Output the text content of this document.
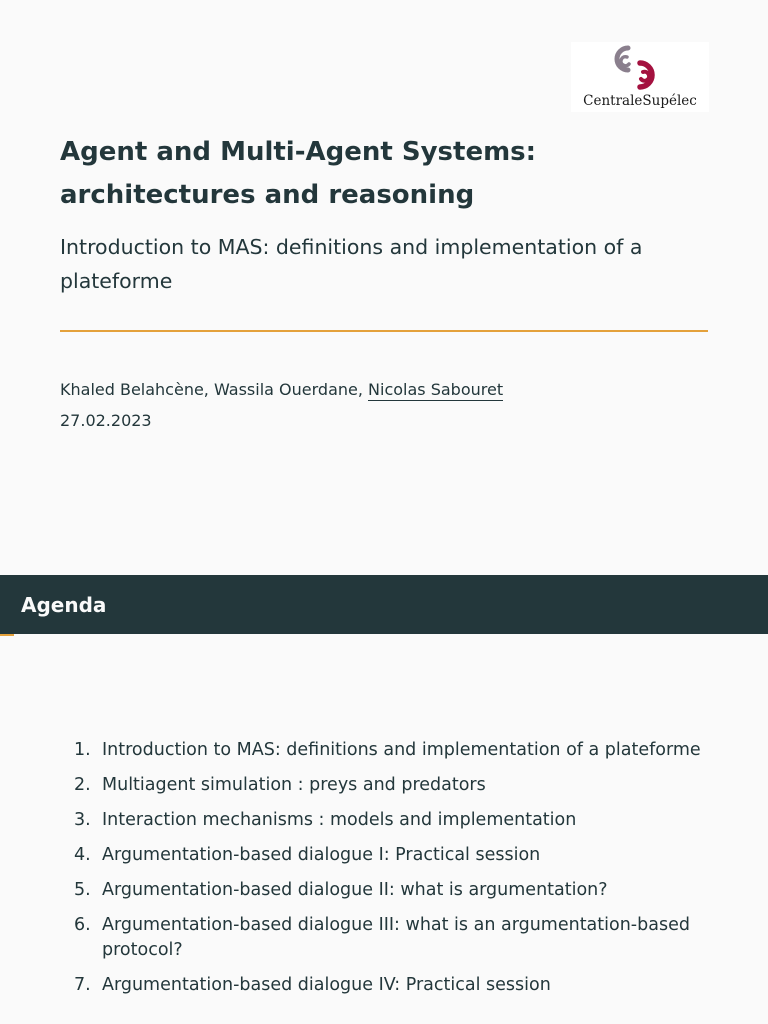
CentraleSupélec
Agent and Multi-Agent Systems:
architectures and reasoning

Introduction to MAS: definitions and implementation of a plateforme

Khaled Belahcène, Wassila Ouerdane, Nicolas Sabouret
27.02.2023
Agenda
1. Introduction to MAS: definitions and implementation of a plateforme
2. Multiagent simulation : preys and predators
3. Interaction mechanisms : models and implementation
4. Argumentation-based dialogue I: Practical session
5. Argumentation-based dialogue II: what is argumentation?
6. Argumentation-based dialogue III: what is an argumentation-based protocol?
7. Argumentation-based dialogue IV: Practical session
